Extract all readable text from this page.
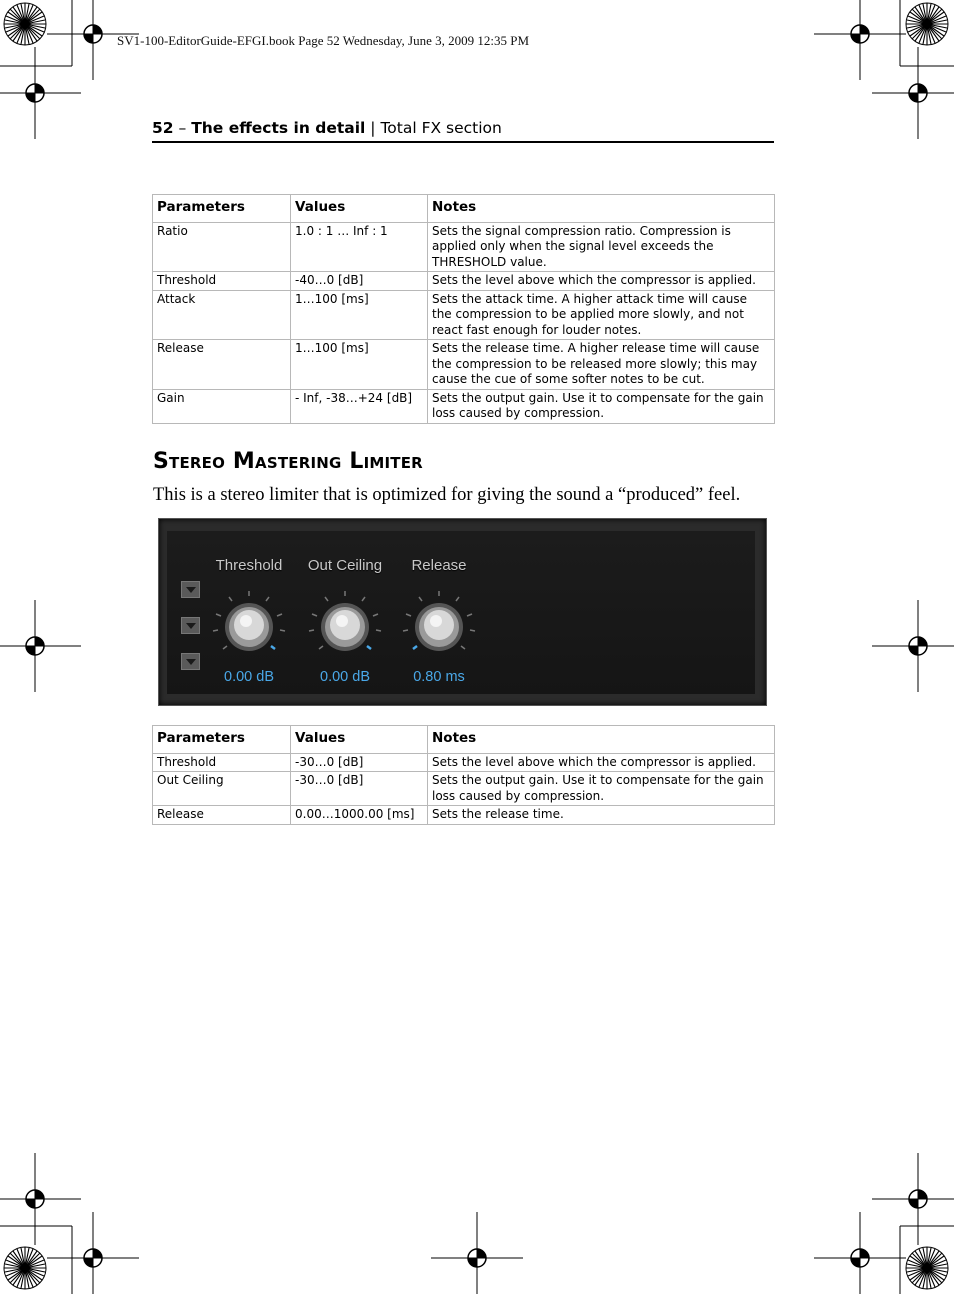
SV1-100-EditorGuide-EFGI.book Page 52 Wednesday, June 3, 2009 12:35 PM
52 – The effects in detail | Total FX section
Parameters	Values	Notes
Ratio	1.0 : 1 … Inf : 1	Sets the signal compression ratio. Compression is applied only when the signal level exceeds the THRESHOLD value.
Threshold	-40…0 [dB]	Sets the level above which the compressor is applied.
Attack	1…100 [ms]	Sets the attack time. A higher attack time will cause the compression to be applied more slowly, and not react fast enough for louder notes.
Release	1…100 [ms]	Sets the release time. A higher release time will cause the compression to be released more slowly; this may cause the cue of some softer notes to be cut.
Gain	- Inf, -38…+24 [dB]	Sets the output gain. Use it to compensate for the gain loss caused by compression.
Stereo Mastering Limiter
This is a stereo limiter that is optimized for giving the sound a “produced” feel.
Threshold	Out Ceiling	Release
0.00 dB	0.00 dB	0.80 ms
Parameters	Values	Notes
Threshold	-30…0 [dB]	Sets the level above which the compressor is applied.
Out Ceiling	-30…0 [dB]	Sets the output gain. Use it to compensate for the gain loss caused by compression.
Release	0.00…1000.00 [ms]	Sets the release time.
